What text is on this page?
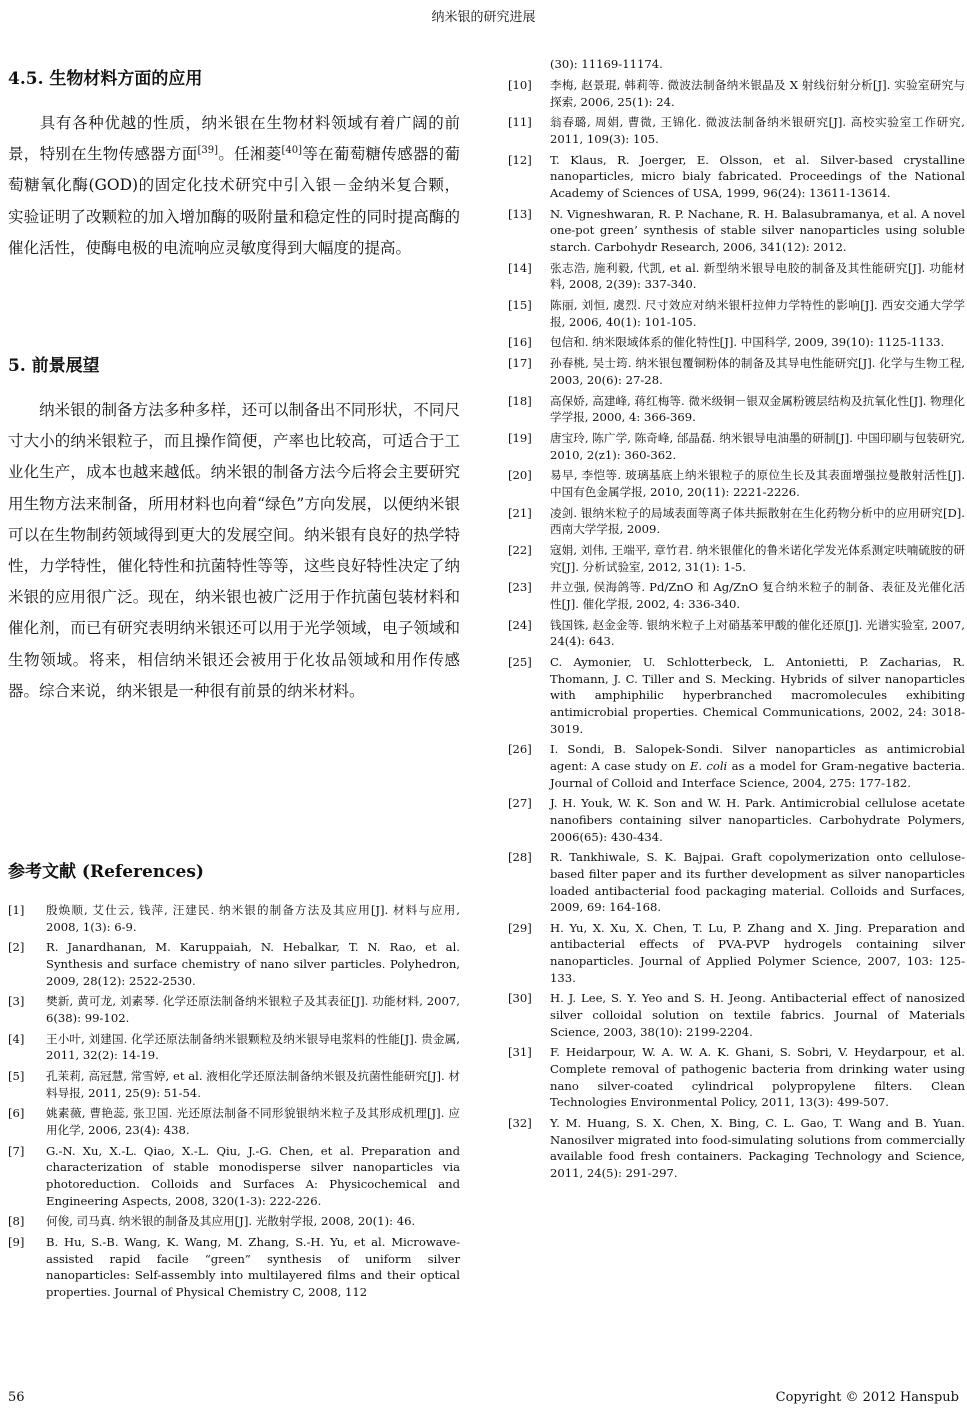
纳米银的研究进展
4.5. 生物材料方面的应用

具有各种优越的性质，纳米银在生物材料领域有着广阔的前景，特别在生物传感器方面[39]。任湘菱[40]等在葡萄糖传感器的葡萄糖氧化酶(GOD)的固定化技术研究中引入银－金纳米复合颗，实验证明了改颗粒的加入增加酶的吸附量和稳定性的同时提高酶的催化活性，使酶电极的电流响应灵敏度得到大幅度的提高。

5. 前景展望

纳米银的制备方法多种多样，还可以制备出不同形状，不同尺寸大小的纳米银粒子，而且操作简便，产率也比较高，可适合于工业化生产，成本也越来越低。纳米银的制备方法今后将会主要研究用生物方法来制备，所用材料也向着“绿色”方向发展，以便纳米银可以在生物制药领域得到更大的发展空间。纳米银有良好的热学特性，力学特性，催化特性和抗菌特性等等，这些良好特性决定了纳米银的应用很广泛。现在，纳米银也被广泛用于作抗菌包装材料和催化剂，而已有研究表明纳米银还可以用于光学领域，电子领域和生物领域。将来，相信纳米银还会被用于化妆品领域和用作传感器。综合来说，纳米银是一种很有前景的纳米材料。

参考文献 (References)
[1]	殷焕顺, 艾仕云, 钱萍, 汪建民. 纳米银的制备方法及其应用[J]. 材料与应用, 2008, 1(3): 6-9.
[2]	R. Janardhanan, M. Karuppaiah, N. Hebalkar, T. N. Rao, et al. Synthesis and surface chemistry of nano silver particles. Polyhedron, 2009, 28(12): 2522-2530.
[3]	樊新, 黄可龙, 刘素琴. 化学还原法制备纳米银粒子及其表征[J]. 功能材料, 2007, 6(38): 99-102.
[4]	王小叶, 刘建国. 化学还原法制备纳米银颗粒及纳米银导电浆料的性能[J]. 贵金属, 2011, 32(2): 14-19.
[5]	孔茉莉, 高冠慧, 常雪婷, et al. 液相化学还原法制备纳米银及抗菌性能研究[J]. 材料导报, 2011, 25(9): 51-54.
[6]	姚素薇, 曹艳蕊, 张卫国. 光还原法制备不同形貌银纳米粒子及其形成机理[J]. 应用化学, 2006, 23(4): 438.
[7]	G.-N. Xu, X.-L. Qiao, X.-L. Qiu, J.-G. Chen, et al. Preparation and characterization of stable monodisperse silver nanoparticles via photoreduction. Colloids and Surfaces A: Physicochemical and Engineering Aspects, 2008, 320(1-3): 222-226.
[8]	何俊, 司马真. 纳米银的制备及其应用[J]. 光散射学报, 2008, 20(1): 46.
[9]	B. Hu, S.-B. Wang, K. Wang, M. Zhang, S.-H. Yu, et al. Microwave-assisted rapid facile “green” synthesis of uniform silver nanoparticles: Self-assembly into multilayered films and their optical properties. Journal of Physical Chemistry C, 2008, 112
(30): 11169-11174.
[10]	李梅, 赵景琨, 韩莉等. 微波法制备纳米银晶及 X 射线衍射分析[J]. 实验室研究与探索, 2006, 25(1): 24.
[11]	翁春璐, 周娟, 曹微, 王锦化. 微波法制备纳米银研究[J]. 高校实验室工作研究, 2011, 109(3): 105.
[12]	T. Klaus, R. Joerger, E. Olsson, et al. Silver-based crystalline nanoparticles, micro bialy fabricated. Proceedings of the National Academy of Sciences of USA, 1999, 96(24): 13611-13614.
[13]	N. Vigneshwaran, R. P. Nachane, R. H. Balasubramanya, et al. A novel one-pot green’ synthesis of stable silver nanoparticles using soluble starch. Carbohydr Research, 2006, 341(12): 2012.
[14]	张志浩, 施利毅, 代凯, et al. 新型纳米银导电胶的制备及其性能研究[J]. 功能材料, 2008, 2(39): 337-340.
[15]	陈丽, 刘恒, 虞烈. 尺寸效应对纳米银杆拉伸力学特性的影响[J]. 西安交通大学学报, 2006, 40(1): 101-105.
[16]	包信和. 纳米限域体系的催化特性[J]. 中国科学, 2009, 39(10): 1125-1133.
[17]	孙春桃, 吴士筠. 纳米银包覆铜粉体的制备及其导电性能研究[J]. 化学与生物工程, 2003, 20(6): 27-28.
[18]	高保娇, 高建峰, 蒋红梅等. 微米级铜－银双金属粉镀层结构及抗氧化性[J]. 物理化学学报, 2000, 4: 366-369.
[19]	唐宝玲, 陈广学, 陈奇峰, 邰晶磊. 纳米银导电油墨的研制[J]. 中国印刷与包装研究, 2010, 2(z1): 360-362.
[20]	易早, 李恺等. 玻璃基底上纳米银粒子的原位生长及其表面增强拉曼散射活性[J]. 中国有色金属学报, 2010, 20(11): 2221-2226.
[21]	凌剑. 银纳米粒子的局域表面等离子体共振散射在生化药物分析中的应用研究[D]. 西南大学学报, 2009.
[22]	寇娟, 刘伟, 王端平, 章竹君. 纳米银催化的鲁米诺化学发光体系测定呋喃硫胺的研究[J]. 分析试验室, 2012, 31(1): 1-5.
[23]	井立强, 侯海鸽等. Pd/ZnO 和 Ag/ZnO 复合纳米粒子的制备、表征及光催化活性[J]. 催化学报, 2002, 4: 336-340.
[24]	钱国铢, 赵金金等. 银纳米粒子上对硝基苯甲酸的催化还原[J]. 光谱实验室, 2007, 24(4): 643.
[25]	C. Aymonier, U. Schlotterbeck, L. Antonietti, P. Zacharias, R. Thomann, J. C. Tiller and S. Mecking. Hybrids of silver nanoparticles with amphiphilic hyperbranched macromolecules exhibiting antimicrobial properties. Chemical Communications, 2002, 24: 3018-3019.
[26]	I. Sondi, B. Salopek-Sondi. Silver nanoparticles as antimicrobial agent: A case study on E. coli as a model for Gram-negative bacteria. Journal of Colloid and Interface Science, 2004, 275: 177-182.
[27]	J. H. Youk, W. K. Son and W. H. Park. Antimicrobial cellulose acetate nanofibers containing silver nanoparticles. Carbohydrate Polymers, 2006(65): 430-434.
[28]	R. Tankhiwale, S. K. Bajpai. Graft copolymerization onto cellulose-based filter paper and its further development as silver nanoparticles loaded antibacterial food packaging material. Colloids and Surfaces, 2009, 69: 164-168.
[29]	H. Yu, X. Xu, X. Chen, T. Lu, P. Zhang and X. Jing. Preparation and antibacterial effects of PVA-PVP hydrogels containing silver nanoparticles. Journal of Applied Polymer Science, 2007, 103: 125-133.
[30]	H. J. Lee, S. Y. Yeo and S. H. Jeong. Antibacterial effect of nanosized silver colloidal solution on textile fabrics. Journal of Materials Science, 2003, 38(10): 2199-2204.
[31]	F. Heidarpour, W. A. W. A. K. Ghani, S. Sobri, V. Heydarpour, et al. Complete removal of pathogenic bacteria from drinking water using nano silver-coated cylindrical polypropylene filters. Clean Technologies Environmental Policy, 2011, 13(3): 499-507.
[32]	Y. M. Huang, S. X. Chen, X. Bing, C. L. Gao, T. Wang and B. Yuan. Nanosilver migrated into food-simulating solutions from commercially available food fresh containers. Packaging Technology and Science, 2011, 24(5): 291-297.
56	Copyright © 2012 Hanspub
